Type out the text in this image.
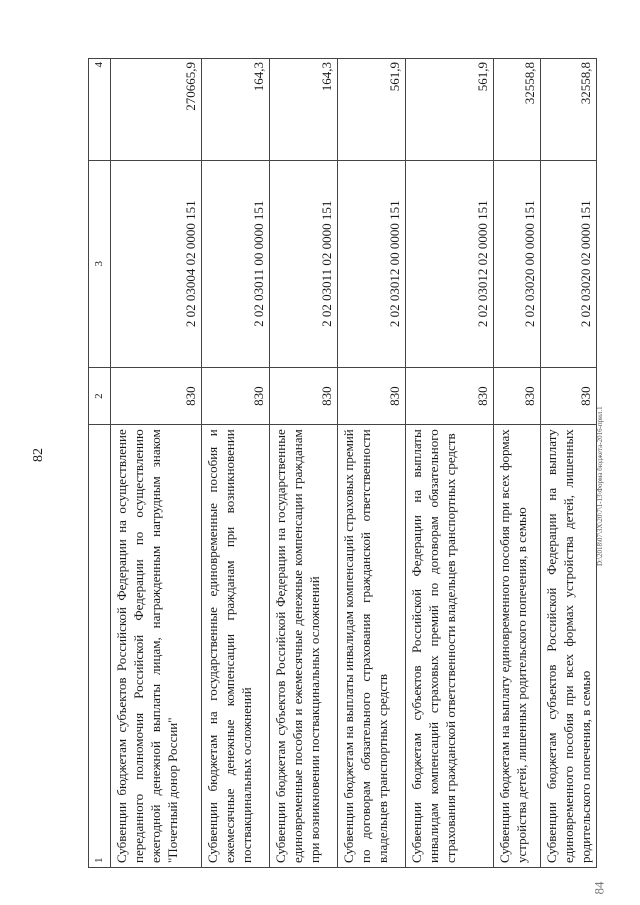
82
84
D:\2018\07\3X\20\7\1-13\Форма бюджета-2016-прил.1
1	2	3	4
Субвенции бюджетам субъектов Российской Федерации на осуществление переданного полномочия Российской Федерации по осуществлению ежегодной денежной выплаты лицам, награжденным нагрудным знаком "Почетный донор России"	830	2 02 03004 02 0000 151	270665,9
Субвенции бюджетам на государственные единовременные пособия и ежемесячные денежные компенсации гражданам при возникновении поствакцинальных осложнений	830	2 02 03011 00 0000 151	164,3
Субвенции бюджетам субъектов Российской Федерации на государственные единовременные пособия и ежемесячные денежные компенсации гражданам при возникновении поствакцинальных осложнений	830	2 02 03011 02 0000 151	164,3
Субвенции бюджетам на выплаты инвалидам компенсаций страховых премий по договорам обязательного страхования гражданской ответственности владельцев транспортных средств	830	2 02 03012 00 0000 151	561,9
Субвенции бюджетам субъектов Российской Федерации на выплаты инвалидам компенсаций страховых премий по договорам обязательного страхования гражданской ответственности владельцев транспортных средств	830	2 02 03012 02 0000 151	561,9
Субвенции бюджетам на выплату единовременного пособия при всех формах устройства детей, лишенных родительского попечения, в семью	830	2 02 03020 00 0000 151	32558,8
Субвенции бюджетам субъектов Российской Федерации на выплату единовременного пособия при всех формах устройства детей, лишенных родительского попечения, в семью	830	2 02 03020 02 0000 151	32558,8
